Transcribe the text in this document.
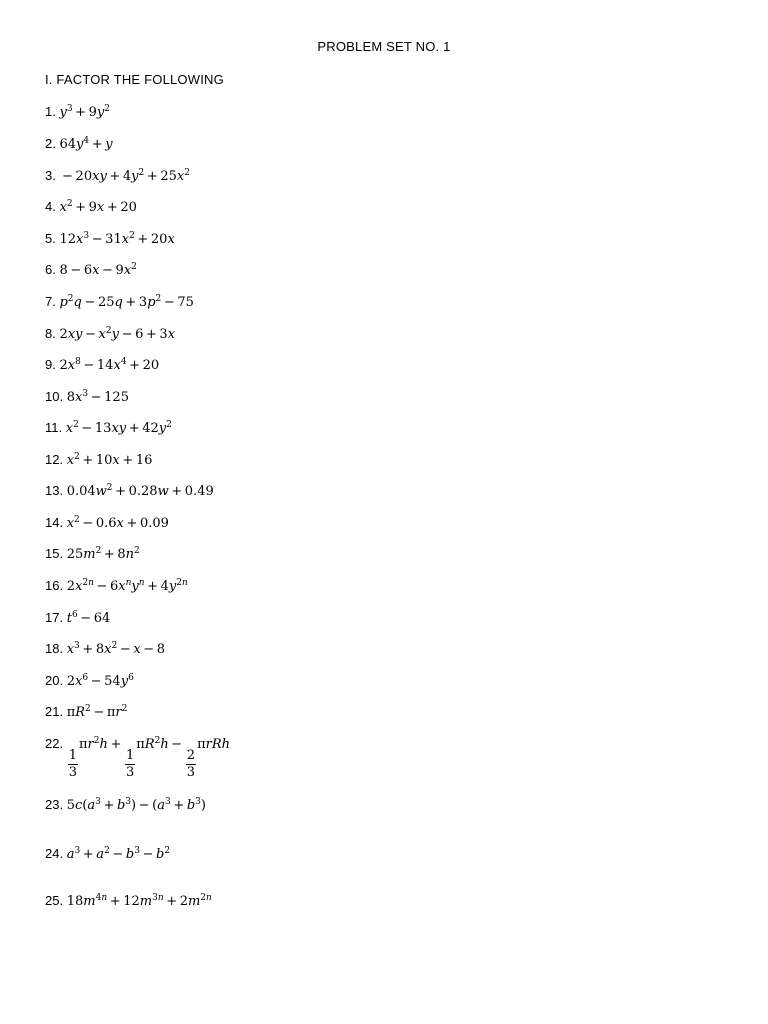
PROBLEM SET NO. 1
I. FACTOR THE FOLLOWING
1. $y^3 + 9y^2$
2. $64y^4 + y$
3.  − $20xy + 4y^2 + 25x^2$
4. $x^2 + 9x + 20$
5. $12x^3 - 31x^2 + 20x$
6. $8 - 6x - 9x^2$
7. $p^2q - 25q + 3p^2 - 75$
8. $2xy - x^2y - 6 + 3x$
9. $2x^8 - 14x^4 + 20$
10. $8x^3 - 125$
11. $x^2 - 13xy + 42y^2$
12. $x^2 + 10x + 16$
13. $0.04w^2 + 0.28w + 0.49$
14. $x^2 - 0.6x + 0.09$
15. $25m^2 + 8n^2$
16. $2x^{2n} - 6x^ny^n + 4y^{2n}$
17. $t^6 - 64$
18. $x^3 + 8x^2 - x - 8$
20. $2x^6 - 54y^6$
21. $\pi R^2 - \pi r^2$
22.
$\frac{1}{3}$
$\pi r^2h$ + 
$\frac{1}{3}$
$\pi R^2h$ − 
$\frac{2}{3}$
πrRh
23. $5c(a^3 + b^3) - (a^3 + b^3)$
24. $a^3 + a^2 - b^3 - b^2$
25. $18m^{4n} + 12m^{3n} + 2m^{2n}$
